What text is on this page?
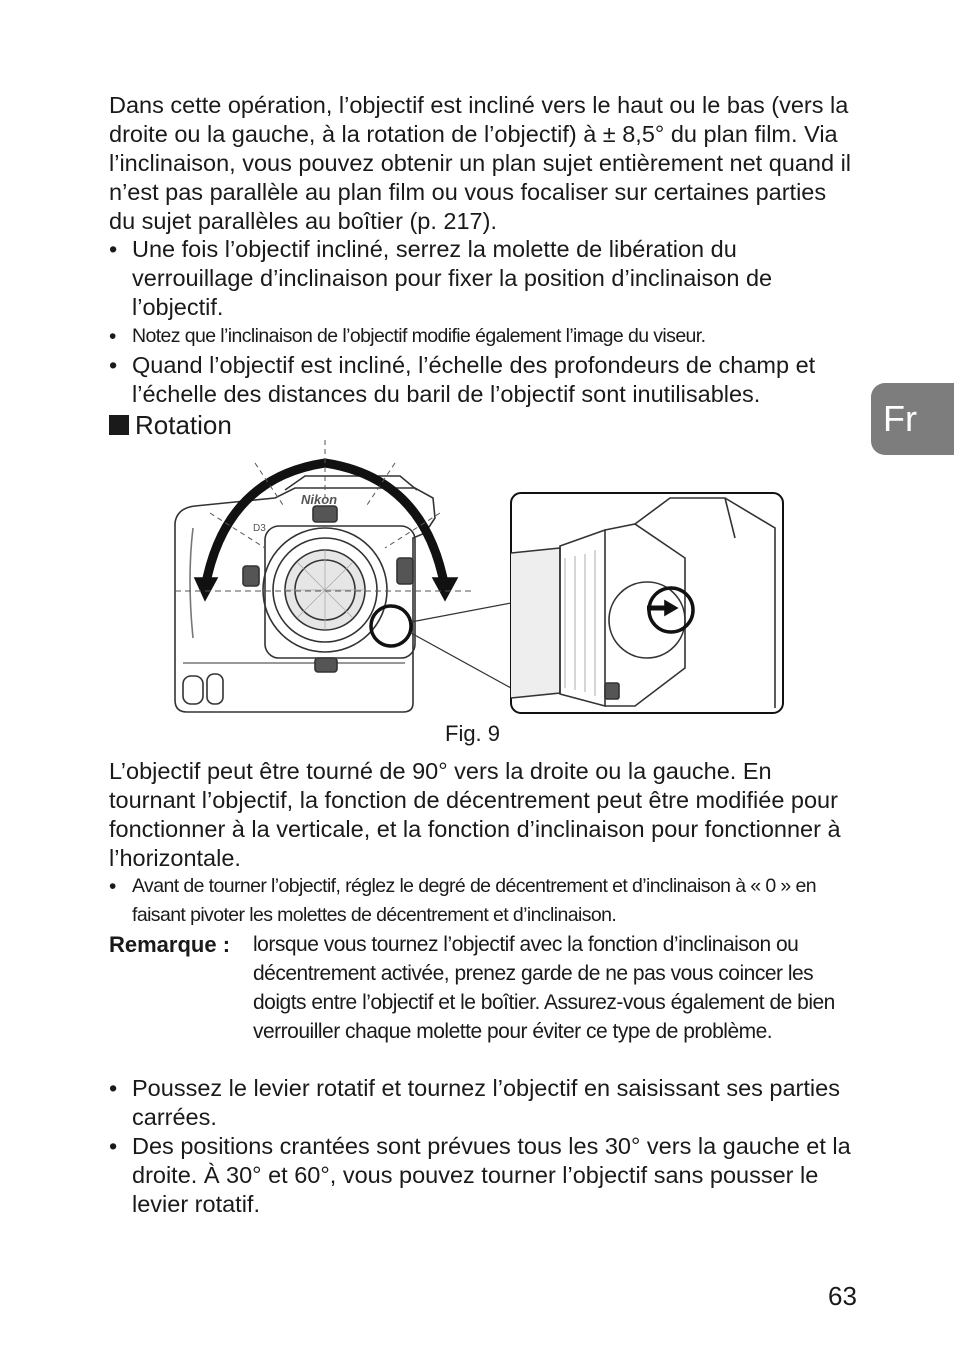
Fr

Dans cette opération, l’objectif est incliné vers le haut ou le bas (vers la droite ou la gauche, à la rotation de l’objectif) à ± 8,5° du plan film. Via l’inclinaison, vous pouvez obtenir un plan sujet entièrement net quand il n’est pas parallèle au plan film ou vous focaliser sur certaines parties du sujet parallèles au boîtier (p. 217).

• Une fois l’objectif incliné, serrez la molette de libération du verrouillage d’inclinaison pour fixer la position d’inclinaison de l’objectif.
• Notez que l’inclinaison de l’objectif modifie également l’image du viseur.
• Quand l’objectif est incliné, l’échelle des profondeurs de champ et l’échelle des distances du baril de l’objectif sont inutilisables.
Rotation
Nikon
D3
Fig. 9

L’objectif peut être tourné de 90° vers la droite ou la gauche. En tournant l’objectif, la fonction de décentrement peut être modifiée pour fonctionner à la verticale, et la fonction d’inclinaison pour fonctionner à l’horizontale.

• Avant de tourner l’objectif, réglez le degré de décentrement et d’inclinaison à « 0 » en faisant pivoter les molettes de décentrement et d’inclinaison.
Remarque : lorsque vous tournez l’objectif avec la fonction d’inclinaison ou décentrement activée, prenez garde de ne pas vous coincer les doigts entre l’objectif et le boîtier. Assurez-vous également de bien verrouiller chaque molette pour éviter ce type de problème.
• Poussez le levier rotatif et tournez l’objectif en saisissant ses parties carrées.
• Des positions crantées sont prévues tous les 30° vers la gauche et la droite. À 30° et 60°, vous pouvez tourner l’objectif sans pousser le levier rotatif.
63
